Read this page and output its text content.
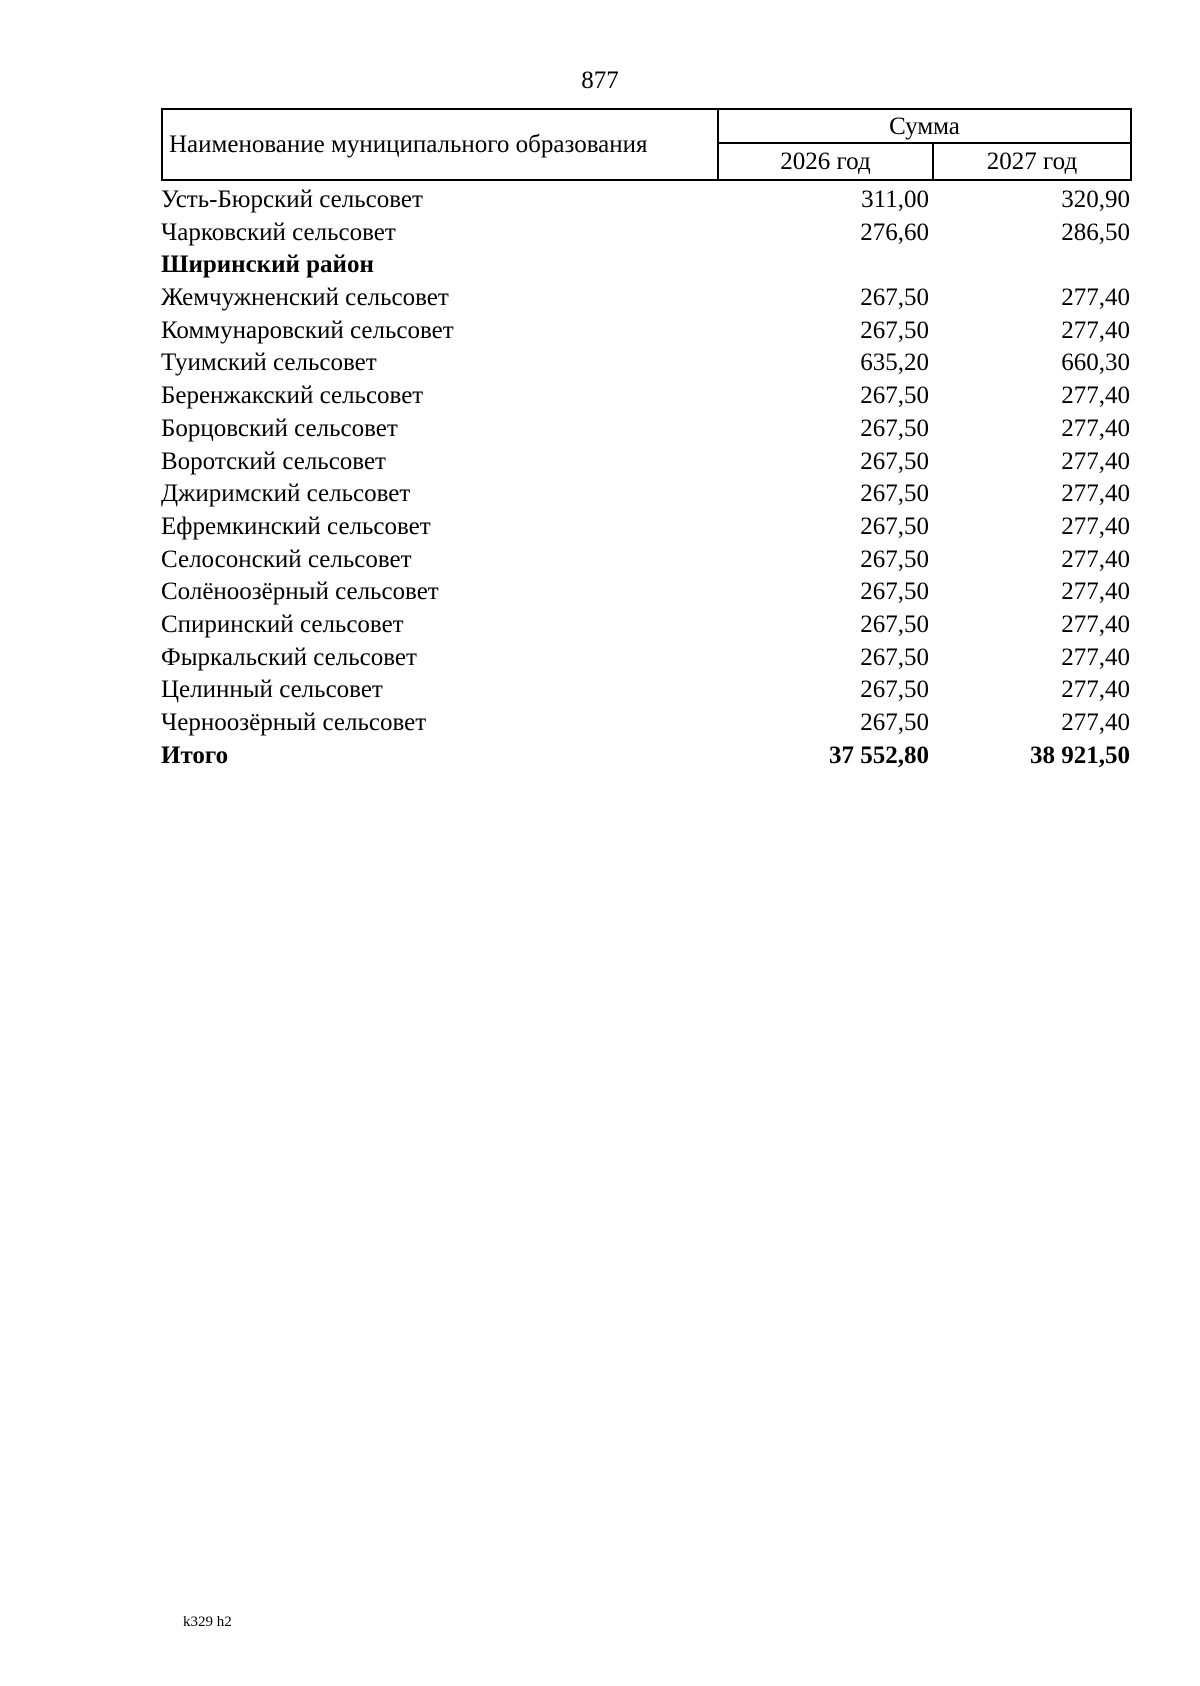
877
Наименование муниципального образования
Сумма
2026 год	2027 год
Усть-Бюрский сельсовет	311,00	320,90
Чарковский сельсовет	276,60	286,50
Ширинский район
Жемчужненский сельсовет	267,50	277,40
Коммунаровский сельсовет	267,50	277,40
Туимский сельсовет	635,20	660,30
Беренжакский сельсовет	267,50	277,40
Борцовский сельсовет	267,50	277,40
Воротский сельсовет	267,50	277,40
Джиримский сельсовет	267,50	277,40
Ефремкинский сельсовет	267,50	277,40
Селосонский сельсовет	267,50	277,40
Солёноозёрный сельсовет	267,50	277,40
Спиринский сельсовет	267,50	277,40
Фыркальский сельсовет	267,50	277,40
Целинный сельсовет	267,50	277,40
Черноозёрный сельсовет	267,50	277,40
Итого	37 552,80	38 921,50
k329 h2
